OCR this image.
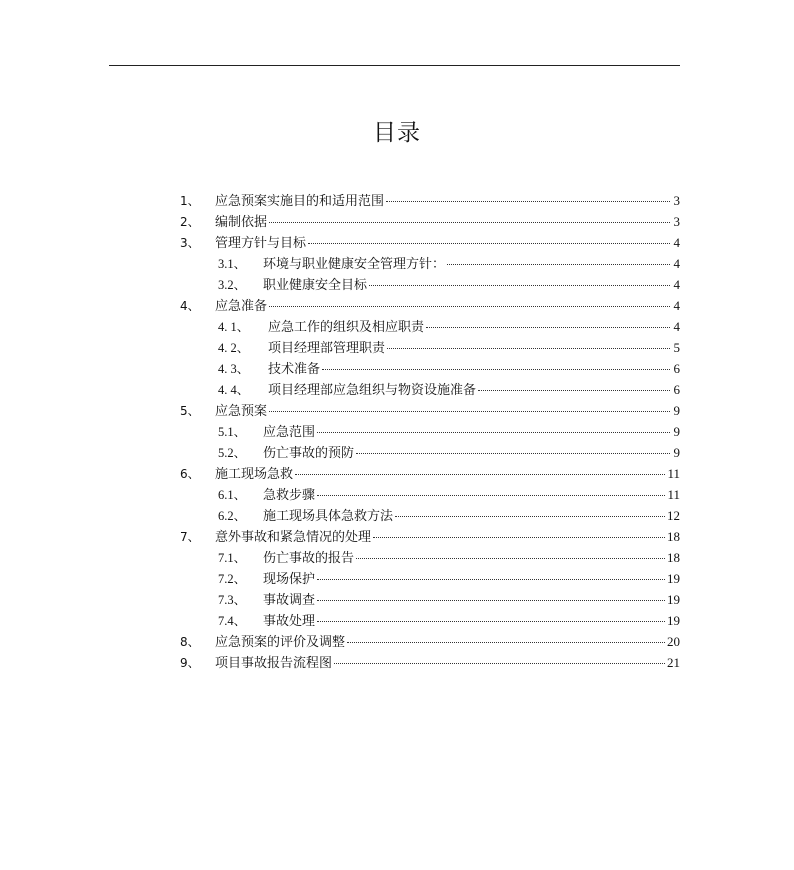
目录
1、	应急预案实施目的和适用范围	3
2、	编制依据	3
3、	管理方针与目标	4
3.1、	环境与职业健康安全管理方针：	4
3.2、	职业健康安全目标	4
4、	应急准备	4
4. 1、	应急工作的组织及相应职责	4
4. 2、	项目经理部管理职责	5
4. 3、	技术准备	6
4. 4、	项目经理部应急组织与物资设施准备	6
5、	应急预案	9
5.1、	应急范围	9
5.2、	伤亡事故的预防	9
6、	施工现场急救	11
6.1、	急救步骤	11
6.2、	施工现场具体急救方法	12
7、	意外事故和紧急情况的处理	18
7.1、	伤亡事故的报告	18
7.2、	现场保护	19
7.3、	事故调查	19
7.4、	事故处理	19
8、	应急预案的评价及调整	20
9、	项目事故报告流程图	21
